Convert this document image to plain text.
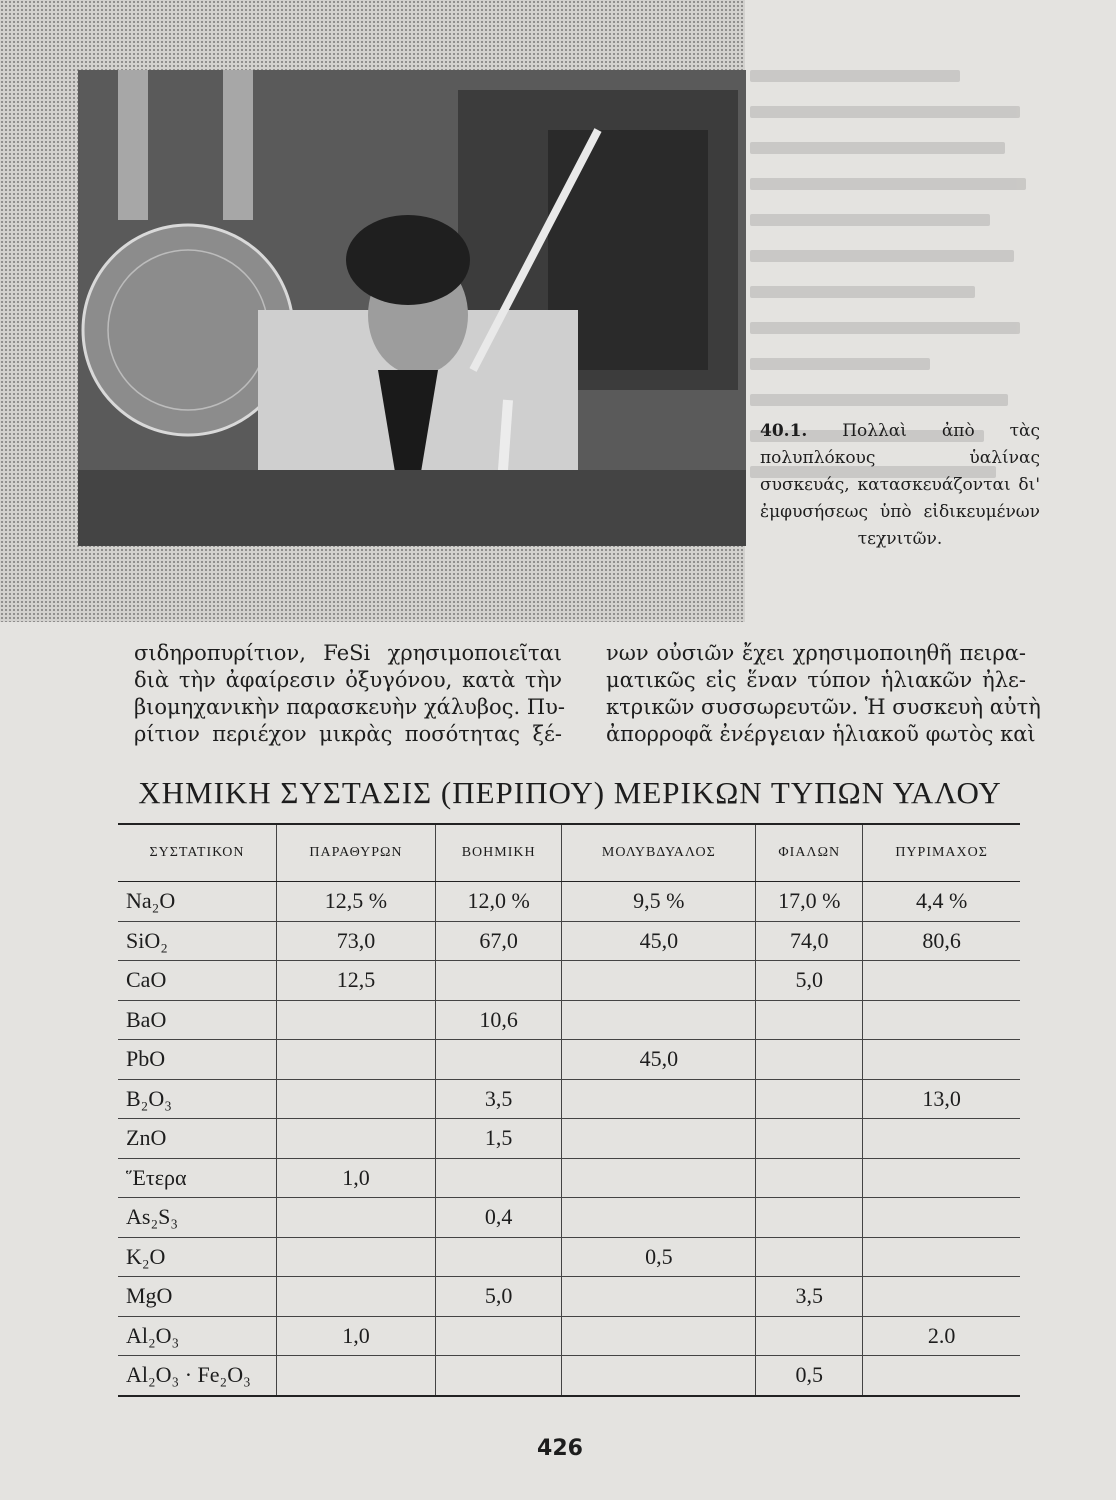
40.1. Πολλαὶ ἀπὸ τὰς πολυπλόκους ὑαλίνας συσκευάς, κατασκευάζονται δι' ἐμφυσήσεως ὑπὸ εἰδικευμένων τεχνιτῶν.
σιδηροπυρίτιον, FeSi χρησιμοποιεῖται
διὰ τὴν ἀφαίρεσιν ὀξυγόνου, κατὰ τὴν
βιομηχανικὴν παρασκευὴν χάλυβος. Πυ-
ρίτιον περιέχον μικρὰς ποσότητας ξέ-
νων οὐσιῶν ἔχει χρησιμοποιηθῆ πειρα-
ματικῶς εἰς ἕναν τύπον ἡλιακῶν ἠλε-
κτρικῶν συσσωρευτῶν. Ἡ συσκευὴ αὐτὴ
ἀπορροφᾶ ἐνέργειαν ἡλιακοῦ φωτὸς καὶ
ΧΗΜΙΚΗ ΣΥΣΤΑΣΙΣ (ΠΕΡΙΠΟΥ) ΜΕΡΙΚΩΝ ΤΥΠΩΝ ΥΑΛΟΥ
ΣΥΣΤΑΤΙΚΟΝ	ΠΑΡΑΘΥΡΩΝ	ΒΟΗΜΙΚΗ	ΜΟΛΥΒΔΥΑΛΟΣ	ΦΙΑΛΩΝ	ΠΥΡΙΜΑΧΟΣ
Na₂O	12,5 %	12,0 %	9,5 %	17,0 %	4,4 %
SiO₂	73,0	67,0	45,0	74,0	80,6
CaO	12,5			5,0	
BaO		10,6			
PbO			45,0		
B₂O₃		3,5			13,0
ZnO		1,5			
Ἕτερα	1,0				
As₂S₃		0,4			
K₂O			0,5		
MgO		5,0		3,5	
Al₂O₃	1,0				2.0
Al₂O₃ · Fe₂O₃				0,5	
426
